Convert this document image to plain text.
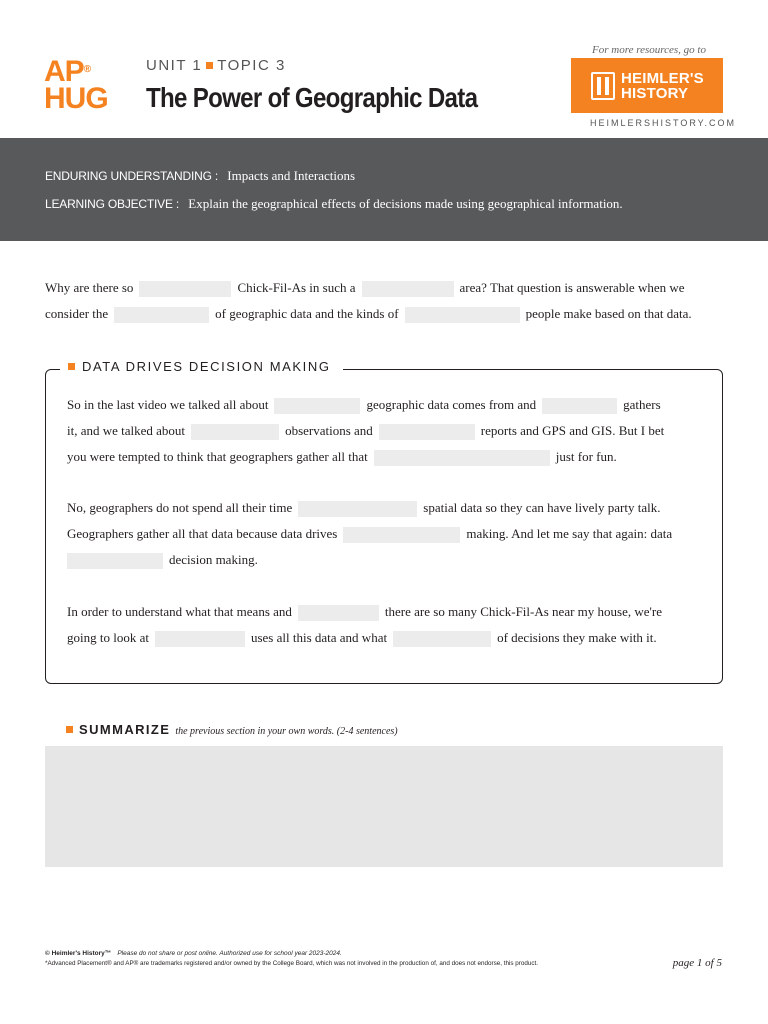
AP®
HUG
UNIT 1 TOPIC 3
The Power of Geographic Data
For more resources, go to
HEIMLER'S
HISTORY
HEIMLERSHISTORY.COM
ENDURING UNDERSTANDING : Impacts and Interactions
LEARNING OBJECTIVE : Explain the geographical effects of decisions made using geographical information.
Why are there so	Chick-Fil-As in such a	area? That question is answerable when we
consider the	of geographic data and the kinds of	people make based on that data.
DATA DRIVES DECISION MAKING
So in the last video we talked all about	geographic data comes from and	gathers
it, and we talked about	observations and	reports and GPS and GIS. But I bet
you were tempted to think that geographers gather all that	just for fun.
No, geographers do not spend all their time	spatial data so they can have lively party talk.
Geographers gather all that data because data drives	making. And let me say that again: data
decision making.
In order to understand what that means and	there are so many Chick-Fil-As near my house, we're
going to look at	uses all this data and what	of decisions they make with it.
SUMMARIZE the previous section in your own words. (2-4 sentences)
© Heimler's History™ Please do not share or post online. Authorized use for school year 2023-2024.
*Advanced Placement® and AP® are trademarks registered and/or owned by the College Board, which was not involved in the production of, and does not endorse, this product.	page 1 of 5
